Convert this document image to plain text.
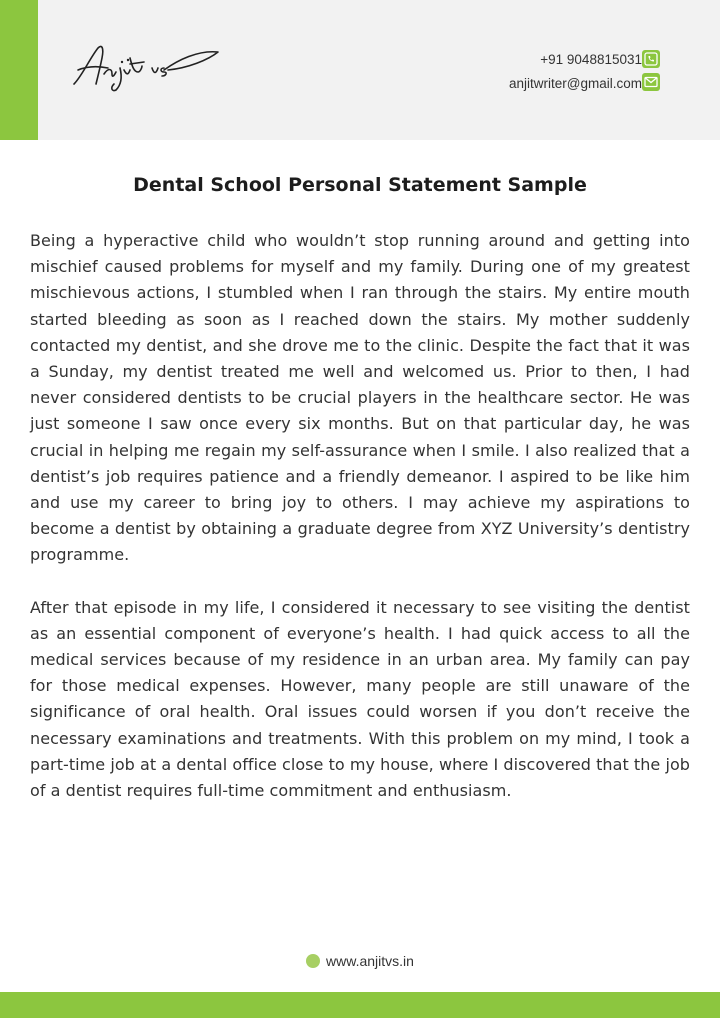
+91 9048815031
anjitwriter@gmail.com
Dental School Personal Statement Sample

Being a hyperactive child who wouldn’t stop running around and getting into mischief caused problems for myself and my family. During one of my greatest mischievous actions, I stumbled when I ran through the stairs. My entire mouth started bleeding as soon as I reached down the stairs. My mother suddenly contacted my dentist, and she drove me to the clinic. Despite the fact that it was a Sunday, my dentist treated me well and welcomed us. Prior to then, I had never considered dentists to be crucial players in the healthcare sector. He was just someone I saw once every six months. But on that particular day, he was crucial in helping me regain my self-assurance when I smile. I also realized that a dentist’s job requires patience and a friendly demeanor. I aspired to be like him and use my career to bring joy to others. I may achieve my aspirations to become a dentist by obtaining a graduate degree from XYZ University’s dentistry programme.

After that episode in my life, I considered it necessary to see visiting the dentist as an essential component of everyone’s health. I had quick access to all the medical services because of my residence in an urban area. My family can pay for those medical expenses. However, many people are still unaware of the significance of oral health. Oral issues could worsen if you don’t receive the necessary examinations and treatments. With this problem on my mind, I took a part-time job at a dental office close to my house, where I discovered that the job of a dentist requires full-time commitment and enthusiasm.

www.anjitvs.in
